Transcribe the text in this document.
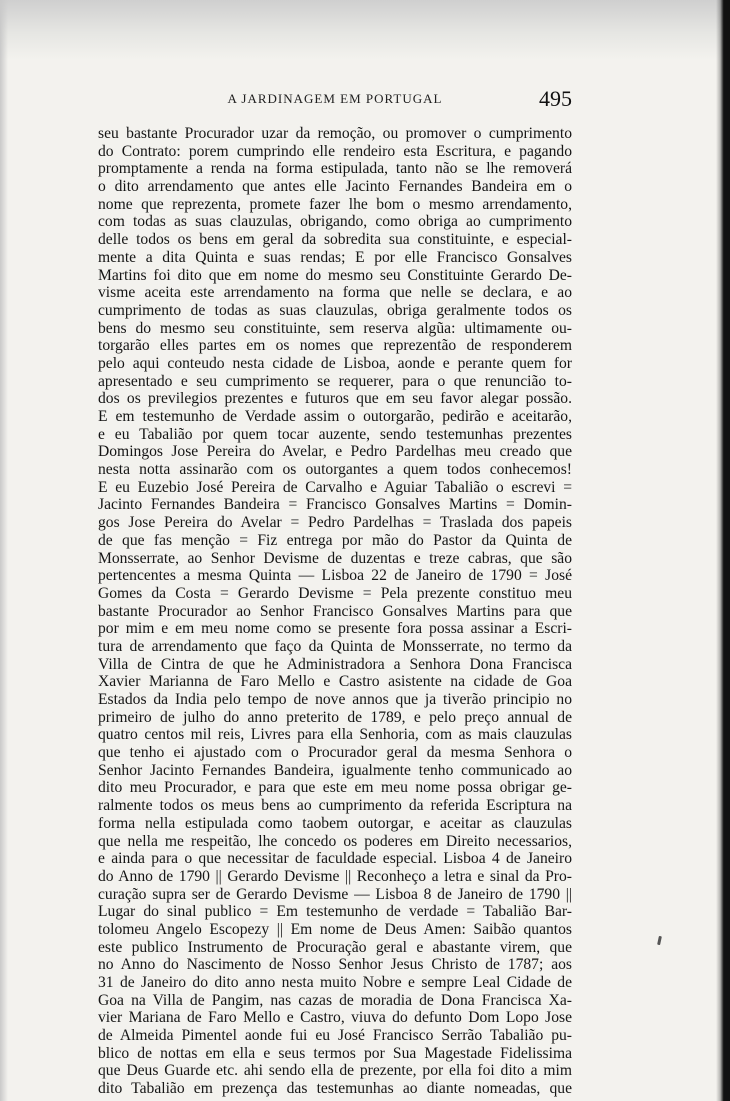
A JARDINAGEM EM PORTUGAL	495
seu bastante Procurador uzar da remoção, ou promover o cumprimento
do Contrato: porem cumprindo elle rendeiro esta Escritura, e pagando
promptamente a renda na forma estipulada, tanto não se lhe removerá
o dito arrendamento que antes elle Jacinto Fernandes Bandeira em o
nome que reprezenta, promete fazer lhe bom o mesmo arrendamento,
com todas as suas clauzulas, obrigando, como obriga ao cumprimento
delle todos os bens em geral da sobredita sua constituinte, e especial-
mente a dita Quinta e suas rendas; E por elle Francisco Gonsalves
Martins foi dito que em nome do mesmo seu Constituinte Gerardo De-
visme aceita este arrendamento na forma que nelle se declara, e ao
cumprimento de todas as suas clauzulas, obriga geralmente todos os
bens do mesmo seu constituinte, sem reserva algũa: ultimamente ou-
torgarão elles partes em os nomes que reprezentão de responderem
pelo aqui conteudo nesta cidade de Lisboa, aonde e perante quem for
apresentado e seu cumprimento se requerer, para o que renuncião to-
dos os previlegios prezentes e futuros que em seu favor alegar possão.
E em testemunho de Verdade assim o outorgarão, pedirão e aceitarão,
e eu Tabalião por quem tocar auzente, sendo testemunhas prezentes
Domingos Jose Pereira do Avelar, e Pedro Pardelhas meu creado que
nesta notta assinarão com os outorgantes a quem todos conhecemos!
E eu Euzebio José Pereira de Carvalho e Aguiar Tabalião o escrevi =
Jacinto Fernandes Bandeira = Francisco Gonsalves Martins = Domin-
gos Jose Pereira do Avelar = Pedro Pardelhas = Traslada dos papeis
de que fas menção = Fiz entrega por mão do Pastor da Quinta de
Monsserrate, ao Senhor Devisme de duzentas e treze cabras, que são
pertencentes a mesma Quinta — Lisboa 22 de Janeiro de 1790 = José
Gomes da Costa = Gerardo Devisme = Pela prezente constituo meu
bastante Procurador ao Senhor Francisco Gonsalves Martins para que
por mim e em meu nome como se presente fora possa assinar a Escri-
tura de arrendamento que faço da Quinta de Monsserrate, no termo da
Villa de Cintra de que he Administradora a Senhora Dona Francisca
Xavier Marianna de Faro Mello e Castro asistente na cidade de Goa
Estados da India pelo tempo de nove annos que ja tiverão principio no
primeiro de julho do anno preterito de 1789, e pelo preço annual de
quatro centos mil reis, Livres para ella Senhoria, com as mais clauzulas
que tenho ei ajustado com o Procurador geral da mesma Senhora o
Senhor Jacinto Fernandes Bandeira, igualmente tenho communicado ao
dito meu Procurador, e para que este em meu nome possa obrigar ge-
ralmente todos os meus bens ao cumprimento da referida Escriptura na
forma nella estipulada como taobem outorgar, e aceitar as clauzulas
que nella me respeitão, lhe concedo os poderes em Direito necessarios,
e ainda para o que necessitar de faculdade especial. Lisboa 4 de Janeiro
do Anno de 1790 || Gerardo Devisme || Reconheço a letra e sinal da Pro-
curação supra ser de Gerardo Devisme — Lisboa 8 de Janeiro de 1790 ||
Lugar do sinal publico = Em testemunho de verdade = Tabalião Bar-
tolomeu Angelo Escopezy || Em nome de Deus Amen: Saibão quantos
este publico Instrumento de Procuração geral e abastante virem, que
no Anno do Nascimento de Nosso Senhor Jesus Christo de 1787; aos
31 de Janeiro do dito anno nesta muito Nobre e sempre Leal Cidade de
Goa na Villa de Pangim, nas cazas de moradia de Dona Francisca Xa-
vier Mariana de Faro Mello e Castro, viuva do defunto Dom Lopo Jose
de Almeida Pimentel aonde fui eu José Francisco Serrão Tabalião pu-
blico de nottas em ella e seus termos por Sua Magestade Fidelissima
que Deus Guarde etc. ahi sendo ella de prezente, por ella foi dito a mim
dito Tabalião em prezença das testemunhas ao diante nomeadas, que
